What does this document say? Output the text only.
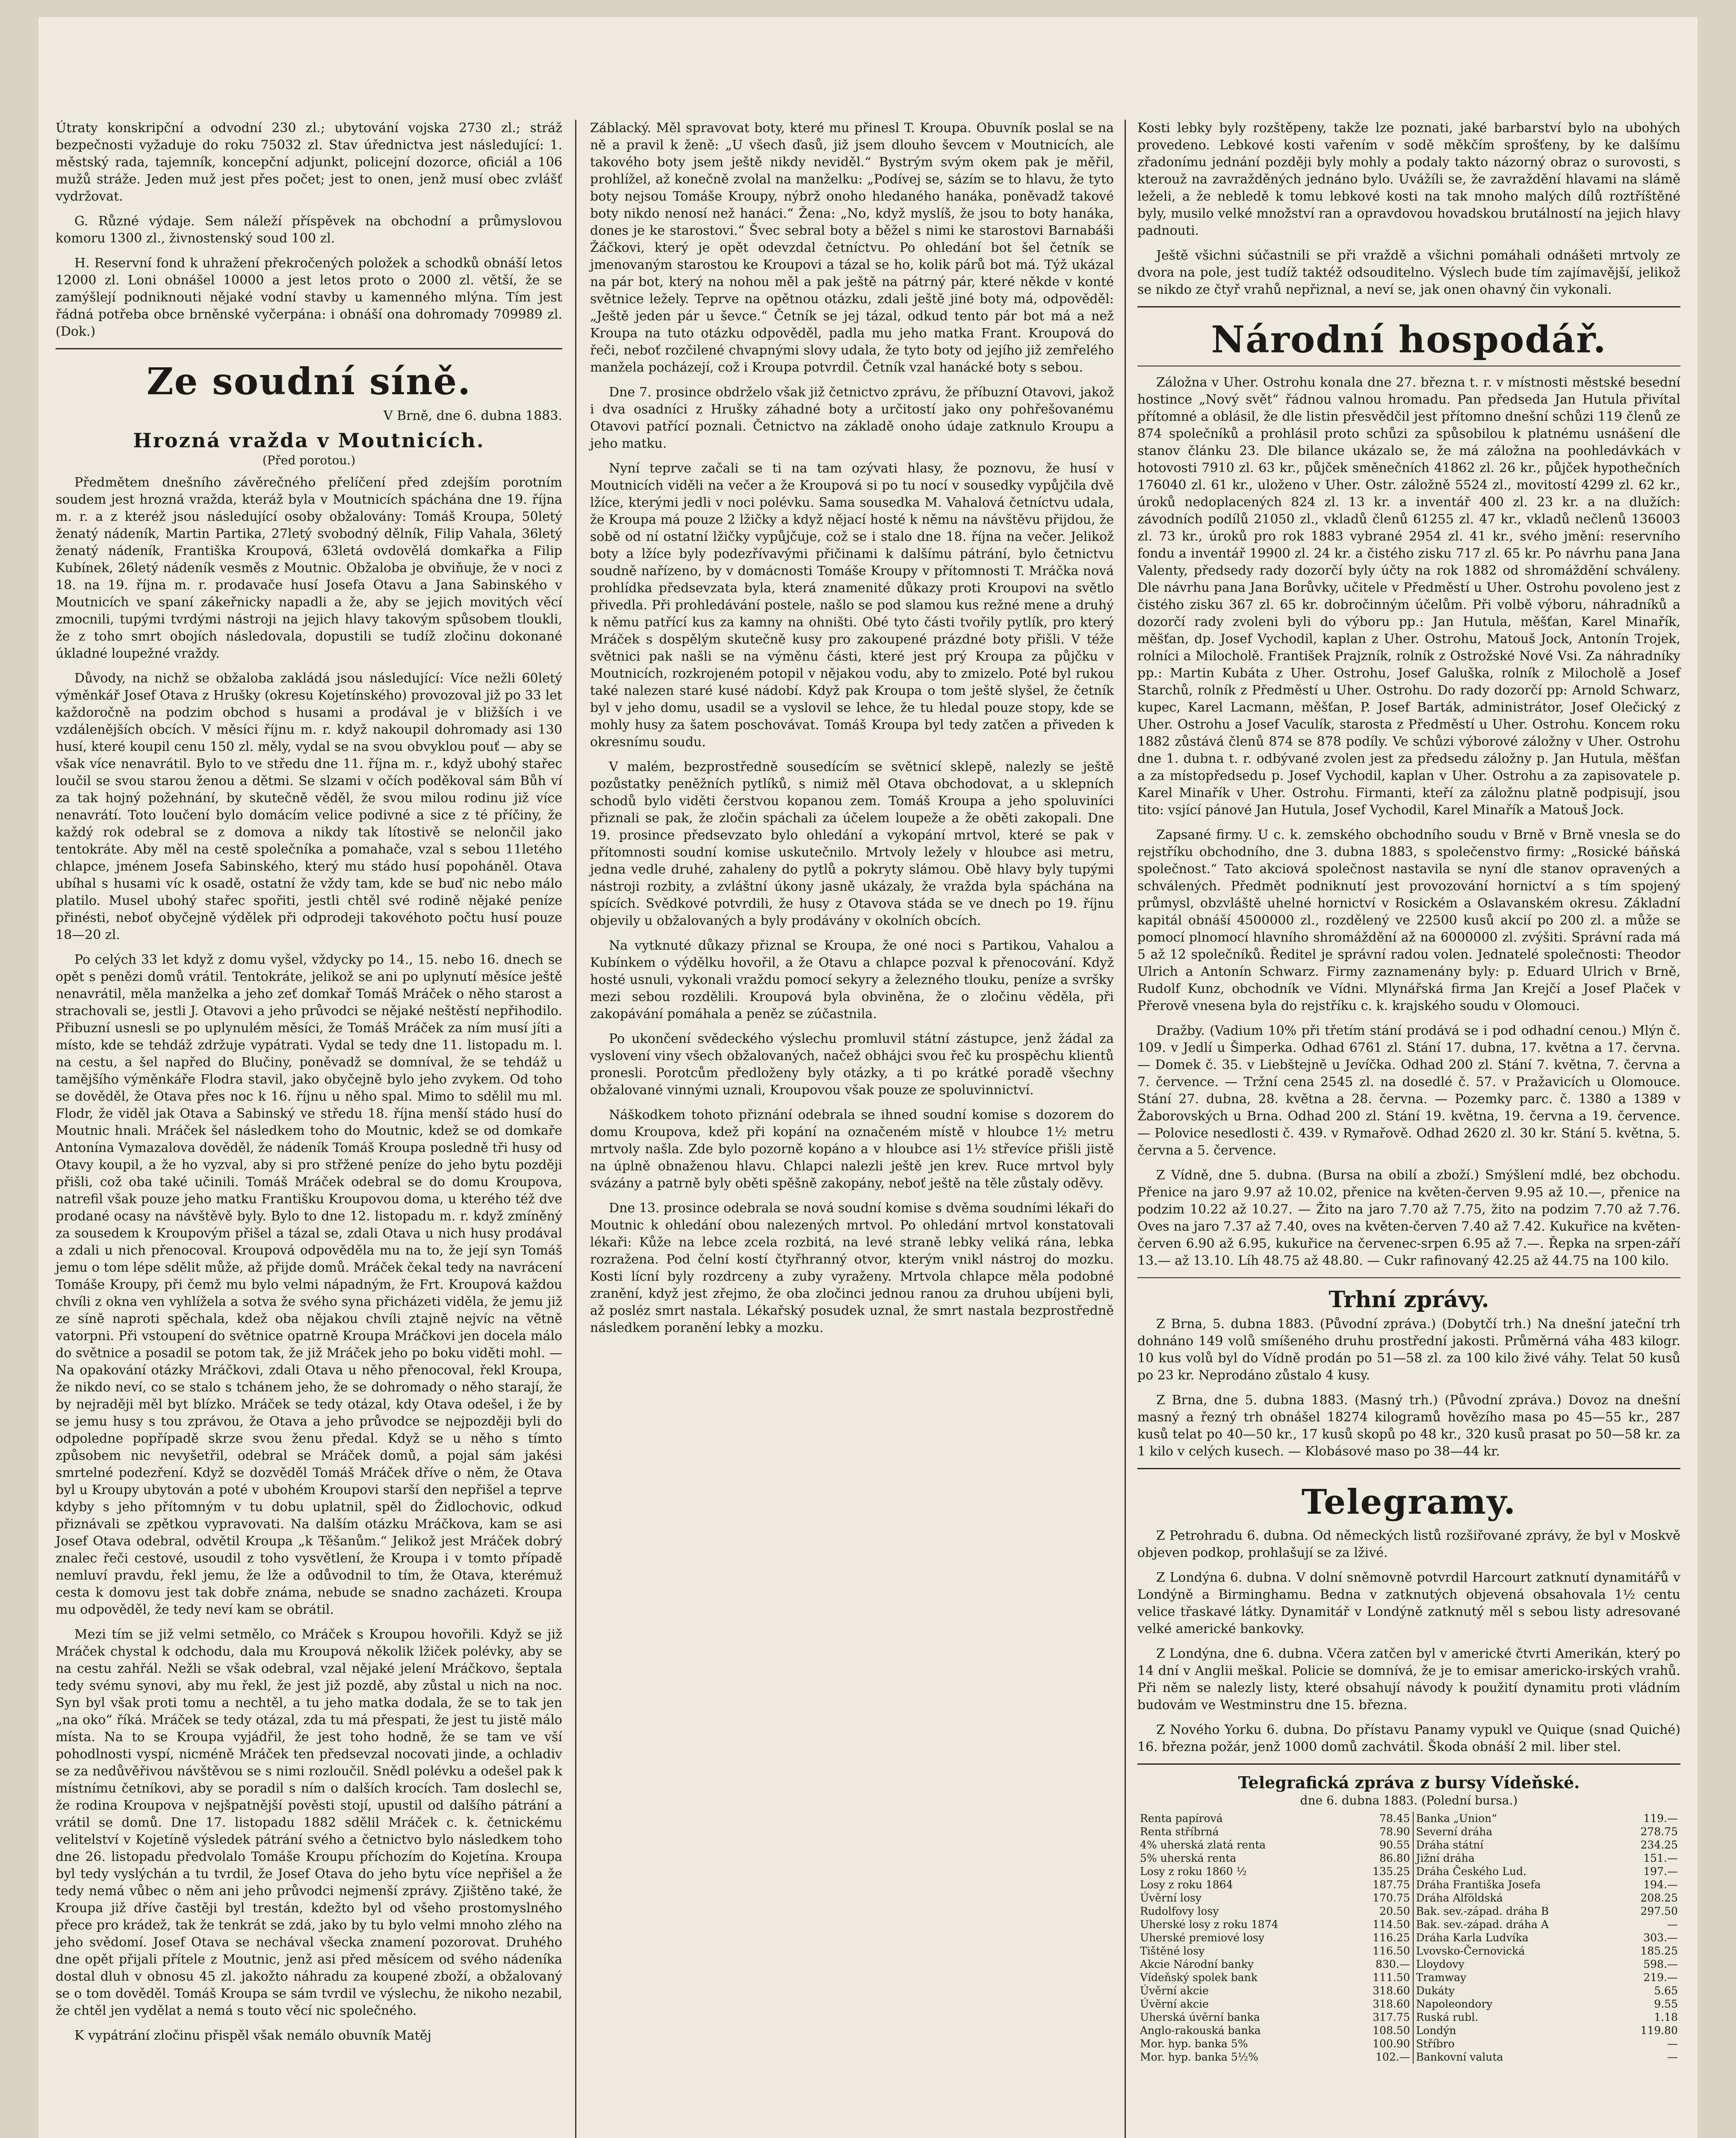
Útraty konskripční a odvodní 230 zl.; ubytování vojska 2730 zl.; stráž bezpečnosti vyžaduje do roku 75032 zl. Stav úřednictva jest následující: 1. městský rada, tajemník, koncepční adjunkt, policejní dozorce, oficiál a 106 mužů stráže. Jeden muž jest přes počet; jest to onen, jenž musí obec zvlášť vydržovat.

G. Různé výdaje. Sem náleží příspěvek na obchodní a průmyslovou komoru 1300 zl., živnostenský soud 100 zl.

H. Reservní fond k uhražení překročených položek a schodků obnáší letos 12000 zl. Loni obnášel 10000 a jest letos proto o 2000 zl. větší, že se zamýšlejí podniknouti nějaké vodní stavby u kamenného mlýna. Tím jest řádná potřeba obce brněnské vyčerpána: i obnáší ona dohromady 709989 zl. (Dok.)

Ze soudní síně.

V Brně, dne 6. dubna 1883.

Hrozná vražda v Moutnicích.
(Před porotou.)

Předmětem dnešního závěrečného přelíčení před zdejším porotním soudem jest hrozná vražda, kteráž byla v Moutnicích spáchána dne 19. října m. r. a z kteréž jsou následující osoby obžalovány: Tomáš Kroupa, 50letý ženatý nádeník, Martin Partika, 27letý svobodný dělník, Filip Vahala, 36letý ženatý nádeník, Františka Kroupová, 63letá ovdovělá domkařka a Filip Kubínek, 26letý nádeník vesměs z Moutnic. Obžaloba je obviňuje, že v noci z 18. na 19. října m. r. prodavače husí Josefa Otavu a Jana Sabinského v Moutnicích ve spaní zákeřnicky napadli a že, aby se jejich movitých věcí zmocnili, tupými tvrdými nástroji na jejich hlavy takovým spůsobem tloukli, že z toho smrt obojích následovala, dopustili se tudíž zločinu dokonané úkladné loupežné vraždy.

Důvody, na nichž se obžaloba zakládá jsou následující: Více nežli 60letý výměnkář Josef Otava z Hrušky (okresu Kojetínského) provozoval již po 33 let každoročně na podzim obchod s husami a prodával je v bližších i ve vzdálenějších obcích. V měsíci říjnu m. r. když nakoupil dohromady asi 130 husí, které koupil cenu 150 zl. měly, vydal se na svou obvyklou pouť — aby se však více nenavrátil. Bylo to ve středu dne 11. října m. r., když ubohý stařec loučil se svou starou ženou a dětmi. Se slzami v očích poděkoval sám Bůh ví za tak hojný požehnání, by skutečně věděl, že svou milou rodinu již více nenavrátí. Toto loučení bylo domácím velice podivné a sice z té příčiny, že každý rok odebral se z domova a nikdy tak lítostivě se nelončil jako tentokráte. Aby měl na cestě společníka a pomahače, vzal s sebou 11letého chlapce, jménem Josefa Sabinského, který mu stádo husí popoháněl. Otava ubíhal s husami víc k osadě, ostatní že vždy tam, kde se buď nic nebo málo platilo. Musel ubohý stařec spořiti, jestli chtěl své rodině nějaké peníze přinésti, neboť obyčejně výdělek při odprodeji takovéhoto počtu husí pouze 18—20 zl.

Po celých 33 let když z domu vyšel, vždycky po 14., 15. nebo 16. dnech se opět s penězi domů vrátil. Tentokráte, jelikož se ani po uplynutí měsíce ještě nenavrátil, měla manželka a jeho zeť domkař Tomáš Mráček o něho starost a strachovali se, jestli J. Otavovi a jeho průvodci se nějaké neštěstí nepřihodilo. Přibuzní usnesli se po uplynulém měsíci, že Tomáš Mráček za ním musí jíti a místo, kde se tehdáž zdržuje vypátrati. Vydal se tedy dne 11. listopadu m. l. na cestu, a šel napřed do Blučiny, poněvadž se domníval, že se tehdáž u tamějšího výměnkáře Flodra stavil, jako obyčejně bylo jeho zvykem. Od toho se dověděl, že Otava přes noc k 16. říjnu u něho spal. Mimo to sdělil mu ml. Flodr, že viděl jak Otava a Sabinský ve středu 18. října menší stádo husí do Moutnic hnali. Mráček šel následkem toho do Moutnic, kdež se od domkaře Antonína Vymazalova dověděl, že nádeník Tomáš Kroupa posledně tři husy od Otavy koupil, a že ho vyzval, aby si pro střžené peníze do jeho bytu později přišli, což oba také učinili. Tomáš Mráček odebral se do domu Kroupova, natrefil však pouze jeho matku Františku Kroupovou doma, u kterého též dve prodané ocasy na návštěvě byly. Bylo to dne 12. listopadu m. r. když zmíněný za sousedem k Kroupovým přišel a tázal se, zdali Otava u nich husy prodával a zdali u nich přenocoval. Kroupová odpověděla mu na to, že její syn Tomáš jemu o tom lépe sdělit může, až přijde domů. Mráček čekal tedy na navrácení Tomáše Kroupy, při čemž mu bylo velmi nápadným, že Frt. Kroupová každou chvíli z okna ven vyhlížela a sotva že svého syna přicházeti viděla, že jemu již ze síně naproti spěchala, kdež oba nějakou chvíli ztajně nejvíc na větně vatorpni. Při vstoupení do světnice opatrně Kroupa Mráčkovi jen docela málo do světnice a posadil se potom tak, že již Mráček jeho po boku viděti mohl. — Na opakování otázky Mráčkovi, zdali Otava u něho přenocoval, řekl Kroupa, že nikdo neví, co se stalo s tchánem jeho, že se dohromady o něho starají, že by nejraději měl byt blízko. Mráček se tedy otázal, kdy Otava odešel, i že by se jemu husy s tou zprávou, že Otava a jeho průvodce se nejpozději byli do odpoledne popřípadě skrze svou ženu předal. Když se u něho s tímto způsobem nic nevyšetřil, odebral se Mráček domů, a pojal sám jakési smrtelné podezření. Když se dozvěděl Tomáš Mráček dříve o něm, že Otava byl u Kroupy ubytován a poté v ubohém Kroupovi starší den nepřišel a teprve kdyby s jeho přítomným v tu dobu uplatnil, spěl do Židlochovic, odkud přiznávali se zpětkou vypravovati. Na dalším otázku Mráčkova, kam se asi Josef Otava odebral, odvětil Kroupa „k Těšanům.“ Jelikož jest Mráček dobrý znalec řeči cestové, usoudil z toho vysvětlení, že Kroupa i v tomto případě nemluví pravdu, řekl jemu, že lže a odůvodnil to tím, že Otava, kterémuž cesta k domovu jest tak dobře známa, nebude se snadno zacházeti. Kroupa mu odpověděl, že tedy neví kam se obrátil.

Mezi tím se již velmi setmělo, co Mráček s Kroupou hovořili. Když se již Mráček chystal k odchodu, dala mu Kroupová několik lžiček polévky, aby se na cestu zahřál. Nežli se však odebral, vzal nějaké jelení Mráčkovo, šeptala tedy svému synovi, aby mu řekl, že jest již pozdě, aby zůstal u nich na noc. Syn byl však proti tomu a nechtěl, a tu jeho matka dodala, že se to tak jen „na oko“ říká. Mráček se tedy otázal, zda tu má přespati, že jest tu jistě málo místa. Na to se Kroupa vyjádřil, že jest toho hodně, že se tam ve vší pohodlnosti vyspí, nicméně Mráček ten předsevzal nocovati jinde, a ochladiv se za nedůvěřivou návštěvou se s nimi rozloučil. Snědl polévku a odešel pak k místnímu četníkovi, aby se poradil s ním o dalších krocích. Tam doslechl se, že rodina Kroupova v nejšpatnější pověsti stojí, upustil od dalšího pátrání a vrátil se domů. Dne 17. listopadu 1882 sdělil Mráček c. k. četnickému velitelství v Kojetíně výsledek pátrání svého a četnictvo bylo následkem toho dne 26. listopadu předvolalo Tomáše Kroupu příchozím do Kojetína. Kroupa byl tedy vyslýchán a tu tvrdil, že Josef Otava do jeho bytu více nepřišel a že tedy nemá vůbec o něm ani jeho průvodci nejmenší zprávy. Zjištěno také, že Kroupa již dříve častěji byl trestán, kdežto byl od všeho prostomyslného přece pro krádež, tak že tenkrát se zdá, jako by tu bylo velmi mnoho zlého na jeho svědomí. Josef Otava se nechával všecka znamení pozorovat. Druhého dne opět přijali přítele z Moutnic, jenž asi před měsícem od svého nádeníka dostal dluh v obnosu 45 zl. jakožto náhradu za koupené zboží, a obžalovaný se o tom dověděl. Tomáš Kroupa se sám tvrdil ve výslechu, že nikoho nezabil, že chtěl jen vydělat a nemá s touto věcí nic společného.

K vypátrání zločinu přispěl však nemálo obuvník Matěj

Záblacký. Měl spravovat boty, které mu přinesl T. Kroupa. Obuvník poslal se na ně a pravil k ženě: „U všech ďasů, již jsem dlouho ševcem v Moutnicích, ale takového boty jsem ještě nikdy neviděl.“ Bystrým svým okem pak je měřil, prohlížel, až konečně zvolal na manželku: „Podívej se, sázím se to hlavu, že tyto boty nejsou Tomáše Kroupy, nýbrž onoho hledaného hanáka, poněvadž takové boty nikdo nenosí než hanáci.“ Žena: „No, když myslíš, že jsou to boty hanáka, dones je ke starostovi.“ Švec sebral boty a běžel s nimi ke starostovi Barnabáši Žáčkovi, který je opět odevzdal četníctvu. Po ohledání bot šel četník se jmenovaným starostou ke Kroupovi a tázal se ho, kolik párů bot má. Týž ukázal na pár bot, který na nohou měl a pak ještě na pátrný pár, které někde v konté světnice ležely. Teprve na opětnou otázku, zdali ještě jiné boty má, odpověděl: „Ještě jeden pár u ševce.“ Četník se jej tázal, odkud tento pár bot má a než Kroupa na tuto otázku odpověděl, padla mu jeho matka Frant. Kroupová do řeči, neboť rozčilené chvapnými slovy udala, že tyto boty od jejího již zemřelého manžela pocházejí, což i Kroupa potvrdil. Četník vzal hanácké boty s sebou.

Dne 7. prosince obdrželo však již četnictvo zprávu, že příbuzní Otavovi, jakož i dva osadníci z Hrušky záhadné boty a určitostí jako ony pohřešovanému Otavovi patřící poznali. Četnictvo na základě onoho údaje zatknulo Kroupu a jeho matku.

Nyní teprve začali se ti na tam ozývati hlasy, že poznovu, že husí v Moutnicích viděli na večer a že Kroupová si po tu nocí v sousedky vypůjčila dvě lžíce, kterými jedli v noci polévku. Sama sousedka M. Vahalová četníctvu udala, že Kroupa má pouze 2 lžičky a když nějací hosté k němu na návštěvu přijdou, že sobě od ní ostatní lžičky vypůjčuje, což se i stalo dne 18. října na večer. Jelikož boty a lžíce byly podezřívavými přičinami k dalšímu pátrání, bylo četnictvu soudně nařízeno, by v domácnosti Tomáše Kroupy v přítomnosti T. Mráčka nová prohlídka předsevzata byla, která znamenité důkazy proti Kroupovi na světlo přivedla. Při prohledávání postele, našlo se pod slamou kus režné mene a druhý k němu patřící kus za kamny na ohništi. Obé tyto části tvořily pytlík, pro který Mráček s dospělým skutečně kusy pro zakoupené prázdné boty přišli. V téže světnici pak našli se na výměnu části, které jest prý Kroupa za půjčku v Moutnicích, rozkrojeném potopil v nějakou vodu, aby to zmizelo. Poté byl rukou také nalezen staré kusé nádobí. Když pak Kroupa o tom ještě slyšel, že četník byl v jeho domu, usadil se a vyslovil se lehce, že tu hledal pouze stopy, kde se mohly husy za šatem poschovávat. Tomáš Kroupa byl tedy zatčen a přiveden k okresnímu soudu.

V malém, bezprostředně sousedícím se světnicí sklepě, nalezly se ještě pozůstatky peněžních pytlíků, s nimiž měl Otava obchodovat, a u sklepních schodů bylo viděti čerstvou kopanou zem. Tomáš Kroupa a jeho spoluviníci přiznali se pak, že zločin spáchali za účelem loupeže a že oběti zakopali. Dne 19. prosince předsevzato bylo ohledání a vykopání mrtvol, které se pak v přítomnosti soudní komise uskutečnilo. Mrtvoly ležely v hloubce asi metru, jedna vedle druhé, zahaleny do pytlů a pokryty slámou. Obě hlavy byly tupými nástroji rozbity, a zvláštní úkony jasně ukázaly, že vražda byla spáchána na spících. Svědkové potvrdili, že husy z Otavova stáda se ve dnech po 19. říjnu objevily u obžalovaných a byly prodávány v okolních obcích.

Na vytknuté důkazy přiznal se Kroupa, že oné noci s Partikou, Vahalou a Kubínkem o výdělku hovořil, a že Otavu a chlapce pozval k přenocování. Když hosté usnuli, vykonali vraždu pomocí sekyry a železného tlouku, peníze a svršky mezi sebou rozdělili. Kroupová byla obviněna, že o zločinu věděla, při zakopávání pomáhala a peněz se zúčastnila.

Po ukončení svědeckého výslechu promluvil státní zástupce, jenž žádal za vyslovení viny všech obžalovaných, načež obhájci svou řeč ku prospěchu klientů pronesli. Porotcům předloženy byly otázky, a ti po krátké poradě všechny obžalované vinnými uznali, Kroupovou však pouze ze spoluvinnictví.

Náškodkem tohoto přiznání odebrala se ihned soudní komise s dozorem do domu Kroupova, kdež při kopání na označeném místě v hloubce 1½ metru mrtvoly našla. Zde bylo pozorně kopáno a v hloubce asi 1½ střevíce přišli jistě na úplně obnaženou hlavu. Chlapci nalezli ještě jen krev. Ruce mrtvol byly svázány a patrně byly oběti spěšně zakopány, neboť ještě na těle zůstaly oděvy.

Dne 13. prosince odebrala se nová soudní komise s dvěma soudními lékaři do Moutnic k ohledání obou nalezených mrtvol. Po ohledání mrtvol konstatovali lékaři: Kůže na lebce zcela rozbitá, na levé straně lebky veliká rána, lebka rozražena. Pod čelní kostí čtyřhranný otvor, kterým vnikl nástroj do mozku. Kosti lícní byly rozdrceny a zuby vyraženy. Mrtvola chlapce měla podobné zranění, když jest zřejmo, že oba zločinci jednou ranou za druhou ubíjeni byli, až posléz smrt nastala. Lékařský posudek uznal, že smrt nastala bezprostředně následkem poranění lebky a mozku.

Kosti lebky byly rozštěpeny, takže lze poznati, jaké barbarství bylo na ubohých provedeno. Lebkové kosti vařením v sodě měkčím sprošťeny, by ke dalšímu zřadonímu jednání později byly mohly a podaly takto názorný obraz o surovosti, s kterouž na zavražděných jednáno bylo. Uvážíli se, že zavraždění hlavami na slámě leželi, a že nebledě k tomu lebkové kosti na tak mnoho malých dílů roztříštěné byly, musilo velké množství ran a opravdovou hovadskou brutálností na jejich hlavy padnouti.

Ještě všichni súčastnili se při vraždě a všichni pomáhali odnášeti mrtvoly ze dvora na pole, jest tudíž taktéž odsouditelno. Výslech bude tím zajímavější, jelikož se nikdo ze čtyř vrahů nepřiznal, a neví se, jak onen ohavný čin vykonali.

Národní hospodář.

Záložna v Uher. Ostrohu konala dne 27. března t. r. v místnosti městské besední hostince „Nový svět“ řádnou valnou hromadu. Pan předseda Jan Hutula přivítal přítomné a oblásil, že dle listin přesvědčil jest přítomno dnešní schůzi 119 členů ze 874 společníků a prohlásil proto schůzi za spůsobilou k platnému usnášení dle stanov článku 23. Dle bilance ukázalo se, že má záložna na poohledávkách v hotovosti 7910 zl. 63 kr., půjček směnečních 41862 zl. 26 kr., půjček hypothečních 176040 zl. 61 kr., uloženo v Uher. Ostr. záložně 5524 zl., movitostí 4299 zl. 62 kr., úroků nedoplacených 824 zl. 13 kr. a inventář 400 zl. 23 kr. a na dlužích: závodních podílů 21050 zl., vkladů členů 61255 zl. 47 kr., vkladů nečlenů 136003 zl. 73 kr., úroků pro rok 1883 vybrané 2954 zl. 41 kr., svého jmění: reservního fondu a inventář 19900 zl. 24 kr. a čistého zisku 717 zl. 65 kr. Po návrhu pana Jana Valenty, předsedy rady dozorčí byly účty na rok 1882 od shromáždění schváleny. Dle návrhu pana Jana Borůvky, učitele v Předměstí u Uher. Ostrohu povoleno jest z čistého zisku 367 zl. 65 kr. dobročinným účelům. Při volbě výboru, náhradníků a dozorčí rady zvoleni byli do výboru pp.: Jan Hutula, měšťan, Karel Minařík, měšťan, dp. Josef Vychodil, kaplan z Uher. Ostrohu, Matouš Jock, Antonín Trojek, rolníci a Milocholě. František Prajzník, rolník z Ostrožské Nové Vsi. Za náhradníky pp.: Martin Kubáta z Uher. Ostrohu, Josef Galuška, rolník z Milocholě a Josef Starchů, rolník z Předměstí u Uher. Ostrohu. Do rady dozorčí pp: Arnold Schwarz, kupec, Karel Lacmann, měšťan, P. Josef Barták, administrátor, Josef Olečický z Uher. Ostrohu a Josef Vaculík, starosta z Předměstí u Uher. Ostrohu. Koncem roku 1882 zůstává členů 874 se 878 podíly. Ve schůzi výborové záložny v Uher. Ostrohu dne 1. dubna t. r. odbývané zvolen jest za předsedu záložny p. Jan Hutula, měšťan a za místopředsedu p. Josef Vychodil, kaplan v Uher. Ostrohu a za zapisovatele p. Karel Minařík v Uher. Ostrohu. Firmanti, kteří za záložnu platně podpisují, jsou tito: vsjící pánové Jan Hutula, Josef Vychodil, Karel Minařík a Matouš Jock.

Zapsané firmy. U c. k. zemského obchodního soudu v Brně v Brně vnesla se do rejstříku obchodního, dne 3. dubna 1883, s společenstvo firmy: „Rosické báňská společnost.“ Tato akciová společnost nastavila se nyní dle stanov opravených a schválených. Předmět podniknutí jest provozování hornictví a s tím spojený průmysl, obzvláště uhelné hornictví v Rosickém a Oslavanském okresu. Základní kapitál obnáší 4500000 zl., rozdělený ve 22500 kusů akcií po 200 zl. a může se pomocí plnomocí hlavního shromáždění až na 6000000 zl. zvýšiti. Správní rada má 5 až 12 společníků. Ředitel je správní radou volen. Jednatelé společnosti: Theodor Ulrich a Antonín Schwarz. Firmy zaznamenány byly: p. Eduard Ulrich v Brně, Rudolf Kunz, obchodník ve Vídni. Mlynářská firma Jan Krejčí a Josef Plaček v Přerově vnesena byla do rejstříku c. k. krajského soudu v Olomouci.

Dražby. (Vadium 10% při třetím stání prodává se i pod odhadní cenou.) Mlýn č. 109. v Jedlí u Šimperka. Odhad 6761 zl. Stání 17. dubna, 17. května a 17. června. — Domek č. 35. v Liebštejně u Jevíčka. Odhad 200 zl. Stání 7. května, 7. června a 7. července. — Tržní cena 2545 zl. na dosedlé č. 57. v Pražavicích u Olomouce. Stání 27. dubna, 28. května a 28. června. — Pozemky parc. č. 1380 a 1389 v Žaborovských u Brna. Odhad 200 zl. Stání 19. května, 19. června a 19. července. — Polovice nesedlosti č. 439. v Rymařově. Odhad 2620 zl. 30 kr. Stání 5. května, 5. června a 5. července.

Z Vídně, dne 5. dubna. (Bursa na obilí a zboží.) Smýšlení mdlé, bez obchodu. Přenice na jaro 9.97 až 10.02, přenice na květen-červen 9.95 až 10.—, přenice na podzim 10.22 až 10.27. — Žito na jaro 7.70 až 7.75, žito na podzim 7.70 až 7.76. Oves na jaro 7.37 až 7.40, oves na květen-červen 7.40 až 7.42. Kukuřice na květen-červen 6.90 až 6.95, kukuřice na červenec-srpen 6.95 až 7.—. Řepka na srpen-září 13.— až 13.10. Líh 48.75 až 48.80. — Cukr rafinovaný 42.25 až 44.75 na 100 kilo.

Trhní zprávy.

Z Brna, 5. dubna 1883. (Původní zpráva.) (Dobytčí trh.) Na dnešní jateční trh dohnáno 149 volů smíšeného druhu prostřední jakosti. Průměrná váha 483 kilogr. 10 kus volů byl do Vídně prodán po 51—58 zl. za 100 kilo živé váhy. Telat 50 kusů po 23 kr. Neprodáno zůstalo 4 kusy.

Z Brna, dne 5. dubna 1883. (Masný trh.) (Původní zpráva.) Dovoz na dnešní masný a řezný trh obnášel 18274 kilogramů hovězího masa po 45—55 kr., 287 kusů telat po 40—50 kr., 17 kusů skopů po 48 kr., 320 kusů prasat po 50—58 kr. za 1 kilo v celých kusech. — Klobásové maso po 38—44 kr.

Telegramy.

Z Petrohradu 6. dubna. Od německých listů rozšiřované zprávy, že byl v Moskvě objeven podkop, prohlašují se za lživé.

Z Londýna 6. dubna. V dolní sněmovně potvrdil Harcourt zatknutí dynamitářů v Londýně a Birminghamu. Bedna v zatknutých objevená obsahovala 1½ centu velice třaskavé látky. Dynamitář v Londýně zatknutý měl s sebou listy adresované velké americké bankovky.

Z Londýna, dne 6. dubna. Včera zatčen byl v americké čtvrti Amerikán, který po 14 dní v Anglii meškal. Policie se domnívá, že je to emisar americko-irských vrahů. Při něm se nalezly listy, které obsahují návody k použití dynamitu proti vládním budovám ve Westminstru dne 15. března.

Z Nového Yorku 6. dubna. Do přístavu Panamy vypukl ve Quique (snad Quiché) 16. března požár, jenž 1000 domů zachvátil. Škoda obnáší 2 mil. liber stel.

Telegrafická zpráva z bursy Vídeňské.
dne 6. dubna 1883. (Polední bursa.)
Renta papírová	78.45	Banka „Union“	119.—
Renta stříbrná	78.90	Severní dráha	278.75
4% uherská zlatá renta	90.55	Dráha státní	234.25
5% uherská renta	86.80	Jižní dráha	151.—
Losy z roku 1860 ½	135.25	Dráha Českého Lud.	197.—
Losy z roku 1864	187.75	Dráha Františka Josefa	194.—
Úvěrní losy	170.75	Dráha Alföldská	208.25
Rudolfovy losy	20.50	Bak. sev.-západ. dráha B	297.50
Uherské losy z roku 1874	114.50	Bak. sev.-západ. dráha A	—
Uherské premiové losy	116.25	Dráha Karla Ludvíka	303.—
Tištěné losy	116.50	Lvovsko-Černovická	185.25
Akcie Národní banky	830.—	Lloydovy	598.—
Vídeňský spolek bank	111.50	Tramway	219.—
Úvěrní akcie	318.60	Dukáty	5.65
Úvěrní akcie	318.60	Napoleondory	9.55
Uherská úvěrní banka	317.75	Ruská rubl.	1.18
Anglo-rakouská banka	108.50	Londýn	119.80
Mor. hyp. banka 5%	100.90	Stříbro	—
Mor. hyp. banka 5½%	102.—	Bankovní valuta	—
